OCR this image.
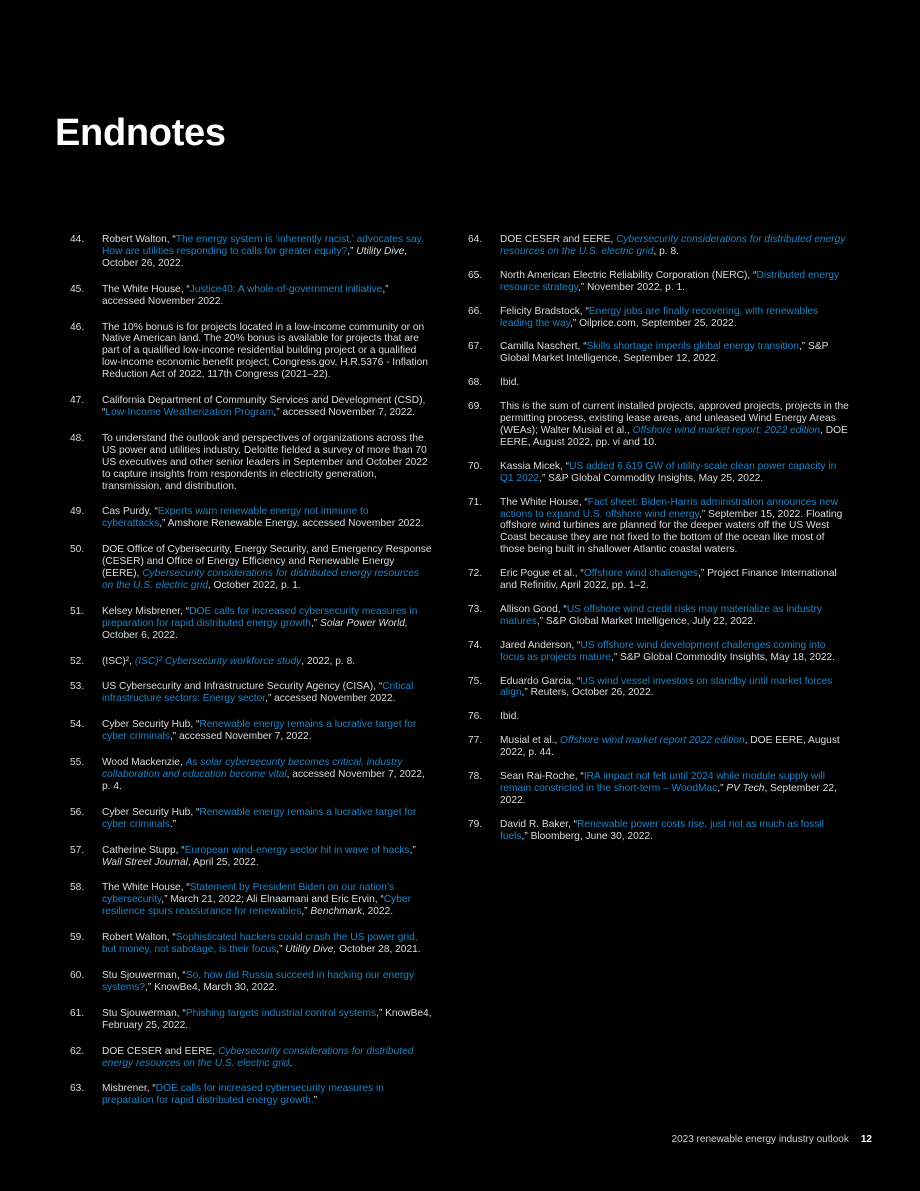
Endnotes
44.	Robert Walton, “The energy system is ‘inherently racist,’ advocates say. How are utilities responding to calls for greater equity?,” Utility Dive, October 26, 2022.
45.	The White House, “Justice40: A whole-of-government initiative,” accessed November 2022.
46.	The 10% bonus is for projects located in a low-income community or on Native American land. The 20% bonus is available for projects that are part of a qualified low-income residential building project or a qualified low-income economic benefit project; Congress.gov, H.R.5376 - Inflation Reduction Act of 2022, 117th Congress (2021–22).
47.	California Department of Community Services and Development (CSD), “Low-Income Weatherization Program,” accessed November 7, 2022.
48.	To understand the outlook and perspectives of organizations across the US power and utilities industry, Deloitte fielded a survey of more than 70 US executives and other senior leaders in September and October 2022 to capture insights from respondents in electricity generation, transmission, and distribution.
49.	Cas Purdy, “Experts warn renewable energy not immune to cyberattacks,” Amshore Renewable Energy, accessed November 2022.
50.	DOE Office of Cybersecurity, Energy Security, and Emergency Response (CESER) and Office of Energy Efficiency and Renewable Energy (EERE), Cybersecurity considerations for distributed energy resources on the U.S. electric grid, October 2022, p. 1.
51.	Kelsey Misbrener, “DOE calls for increased cybersecurity measures in preparation for rapid distributed energy growth,” Solar Power World, October 6, 2022.
52.	(ISC)², (ISC)² Cybersecurity workforce study, 2022, p. 8.
53.	US Cybersecurity and Infrastructure Security Agency (CISA), “Critical infrastructure sectors: Energy sector,” accessed November 2022.
54.	Cyber Security Hub, “Renewable energy remains a lucrative target for cyber criminals,” accessed November 7, 2022.
55.	Wood Mackenzie, As solar cybersecurity becomes critical, industry collaboration and education become vital, accessed November 7, 2022, p. 4.
56.	Cyber Security Hub, “Renewable energy remains a lucrative target for cyber criminals.”
57.	Catherine Stupp, “European wind-energy sector hit in wave of hacks,” Wall Street Journal, April 25, 2022.
58.	The White House, “Statement by President Biden on our nation’s cybersecurity,” March 21, 2022; Ali Elnaamani and Eric Ervin, “Cyber resilience spurs reassurance for renewables,” Benchmark, 2022.
59.	Robert Walton, “Sophisticated hackers could crash the US power grid, but money, not sabotage, is their focus,” Utility Dive, October 28, 2021.
60.	Stu Sjouwerman, “So, how did Russia succeed in hacking our energy systems?,” KnowBe4, March 30, 2022.
61.	Stu Sjouwerman, “Phishing targets industrial control systems,” KnowBe4, February 25, 2022.
62.	DOE CESER and EERE, Cybersecurity considerations for distributed energy resources on the U.S. electric grid.
63.	Misbrener, “DOE calls for increased cybersecurity measures in preparation for rapid distributed energy growth.”
64.	DOE CESER and EERE, Cybersecurity considerations for distributed energy resources on the U.S. electric grid, p. 8.
65.	North American Electric Reliability Corporation (NERC), “Distributed energy resource strategy,” November 2022, p. 1.
66.	Felicity Bradstock, “Energy jobs are finally recovering, with renewables leading the way,” Oilprice.com, September 25, 2022.
67.	Camilla Naschert, “Skills shortage imperils global energy transition,” S&P Global Market Intelligence, September 12, 2022.
68.	Ibid.
69.	This is the sum of current installed projects, approved projects, projects in the permitting process, existing lease areas, and unleased Wind Energy Areas (WEAs); Walter Musial et al., Offshore wind market report: 2022 edition, DOE EERE, August 2022, pp. vi and 10.
70.	Kassia Micek, “US added 6.619 GW of utility-scale clean power capacity in Q1 2022,” S&P Global Commodity Insights, May 25, 2022.
71.	The White House, “Fact sheet: Biden-Harris administration announces new actions to expand U.S. offshore wind energy,” September 15, 2022. Floating offshore wind turbines are planned for the deeper waters off the US West Coast because they are not fixed to the bottom of the ocean like most of those being built in shallower Atlantic coastal waters.
72.	Eric Pogue et al., “Offshore wind challenges,” Project Finance International and Refinitiv, April 2022, pp. 1–2.
73.	Allison Good, “US offshore wind credit risks may materialize as industry matures,” S&P Global Market Intelligence, July 22, 2022.
74.	Jared Anderson, “US offshore wind development challenges coming into focus as projects mature,” S&P Global Commodity Insights, May 18, 2022.
75.	Eduardo Garcia, “US wind vessel investors on standby until market forces align,” Reuters, October 26, 2022.
76.	Ibid.
77.	Musial et al., Offshore wind market report 2022 edition, DOE EERE, August 2022, p. 44.
78.	Sean Rai-Roche, “IRA impact not felt until 2024 while module supply will remain constricted in the short-term – WoodMac,” PV Tech, September 22, 2022.
79.	David R. Baker, “Renewable power costs rise, just not as much as fossil fuels,” Bloomberg, June 30, 2022.
2023 renewable energy industry outlook 12
